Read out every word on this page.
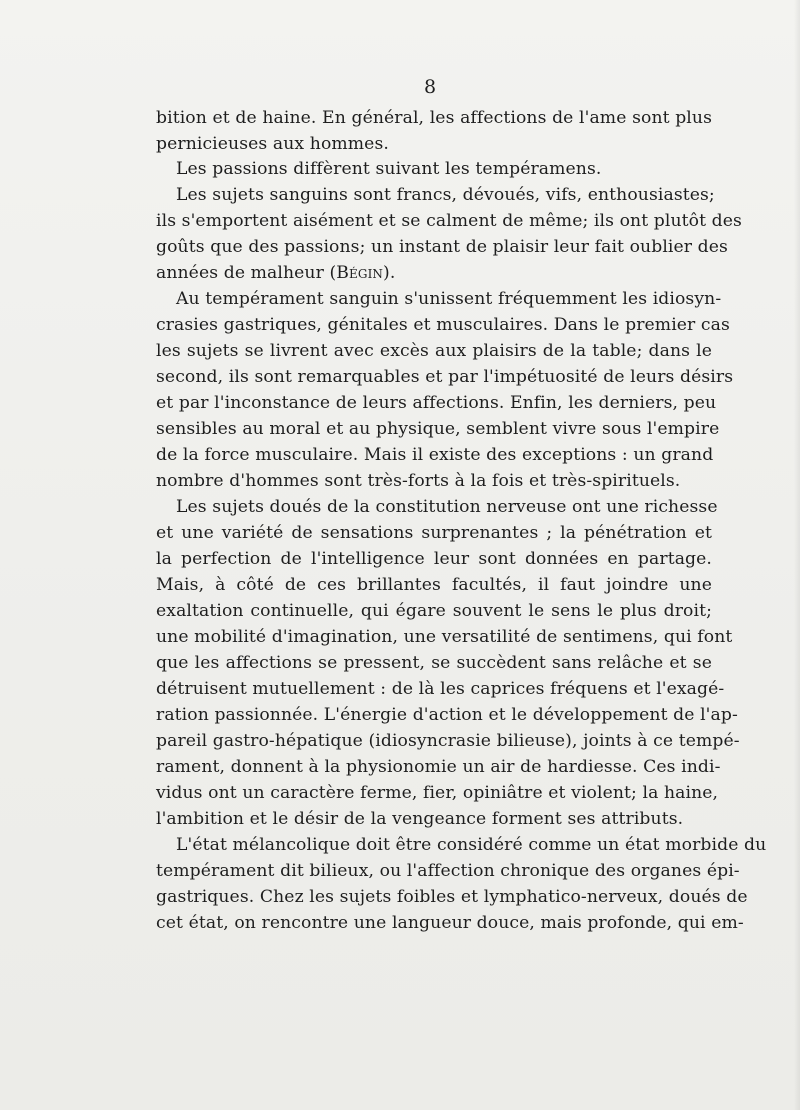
8
bition et de haine. En général, les affections de l'ame sont plus
pernicieuses aux hommes.
Les passions diffèrent suivant les tempéramens.
Les sujets sanguins sont francs, dévoués, vifs, enthousiastes;
ils s'emportent aisément et se calment de même; ils ont plutôt des
goûts que des passions; un instant de plaisir leur fait oublier des
années de malheur (Bégin).
Au tempérament sanguin s'unissent fréquemment les idiosyn-
crasies gastriques, génitales et musculaires. Dans le premier cas
les sujets se livrent avec excès aux plaisirs de la table; dans le
second, ils sont remarquables et par l'impétuosité de leurs désirs
et par l'inconstance de leurs affections. Enfin, les derniers, peu
sensibles au moral et au physique, semblent vivre sous l'empire
de la force musculaire. Mais il existe des exceptions : un grand
nombre d'hommes sont très-forts à la fois et très-spirituels.
Les sujets doués de la constitution nerveuse ont une richesse
et une variété de sensations surprenantes ; la pénétration et
la perfection de l'intelligence leur sont données en partage.
Mais, à côté de ces brillantes facultés, il faut joindre une
exaltation continuelle, qui égare souvent le sens le plus droit;
une mobilité d'imagination, une versatilité de sentimens, qui font
que les affections se pressent, se succèdent sans relâche et se
détruisent mutuellement : de là les caprices fréquens et l'exagé-
ration passionnée. L'énergie d'action et le développement de l'ap-
pareil gastro-hépatique (idiosyncrasie bilieuse), joints à ce tempé-
rament, donnent à la physionomie un air de hardiesse. Ces indi-
vidus ont un caractère ferme, fier, opiniâtre et violent; la haine,
l'ambition et le désir de la vengeance forment ses attributs.
L'état mélancolique doit être considéré comme un état morbide du
tempérament dit bilieux, ou l'affection chronique des organes épi-
gastriques. Chez les sujets foibles et lymphatico-nerveux, doués de
cet état, on rencontre une langueur douce, mais profonde, qui em-
